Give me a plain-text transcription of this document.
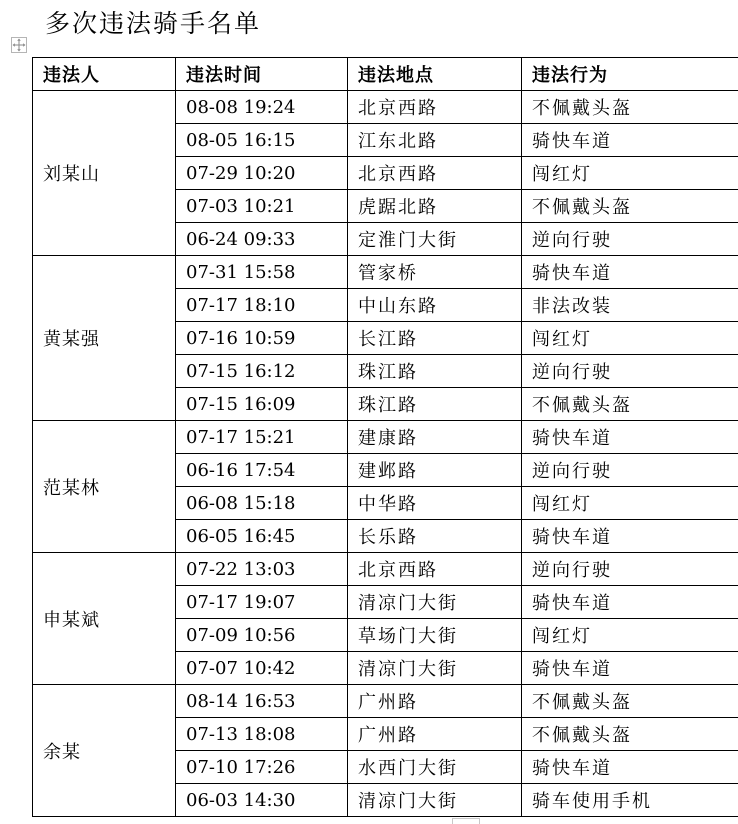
多次违法骑手名单
违法人	违法时间	违法地点	违法行为
刘某山	08-08 19:24	北京西路	不佩戴头盔
	08-05 16:15	江东北路	骑快车道
	07-29 10:20	北京西路	闯红灯
	07-03 10:21	虎踞北路	不佩戴头盔
	06-24 09:33	定淮门大街	逆向行驶
黄某强	07-31 15:58	管家桥	骑快车道
	07-17 18:10	中山东路	非法改装
	07-16 10:59	长江路	闯红灯
	07-15 16:12	珠江路	逆向行驶
	07-15 16:09	珠江路	不佩戴头盔
范某林	07-17 15:21	建康路	骑快车道
	06-16 17:54	建邺路	逆向行驶
	06-08 15:18	中华路	闯红灯
	06-05 16:45	长乐路	骑快车道
申某斌	07-22 13:03	北京西路	逆向行驶
	07-17 19:07	清凉门大街	骑快车道
	07-09 10:56	草场门大街	闯红灯
	07-07 10:42	清凉门大街	骑快车道
余某	08-14 16:53	广州路	不佩戴头盔
	07-13 18:08	广州路	不佩戴头盔
	07-10 17:26	水西门大街	骑快车道
	06-03 14:30	清凉门大街	骑车使用手机
